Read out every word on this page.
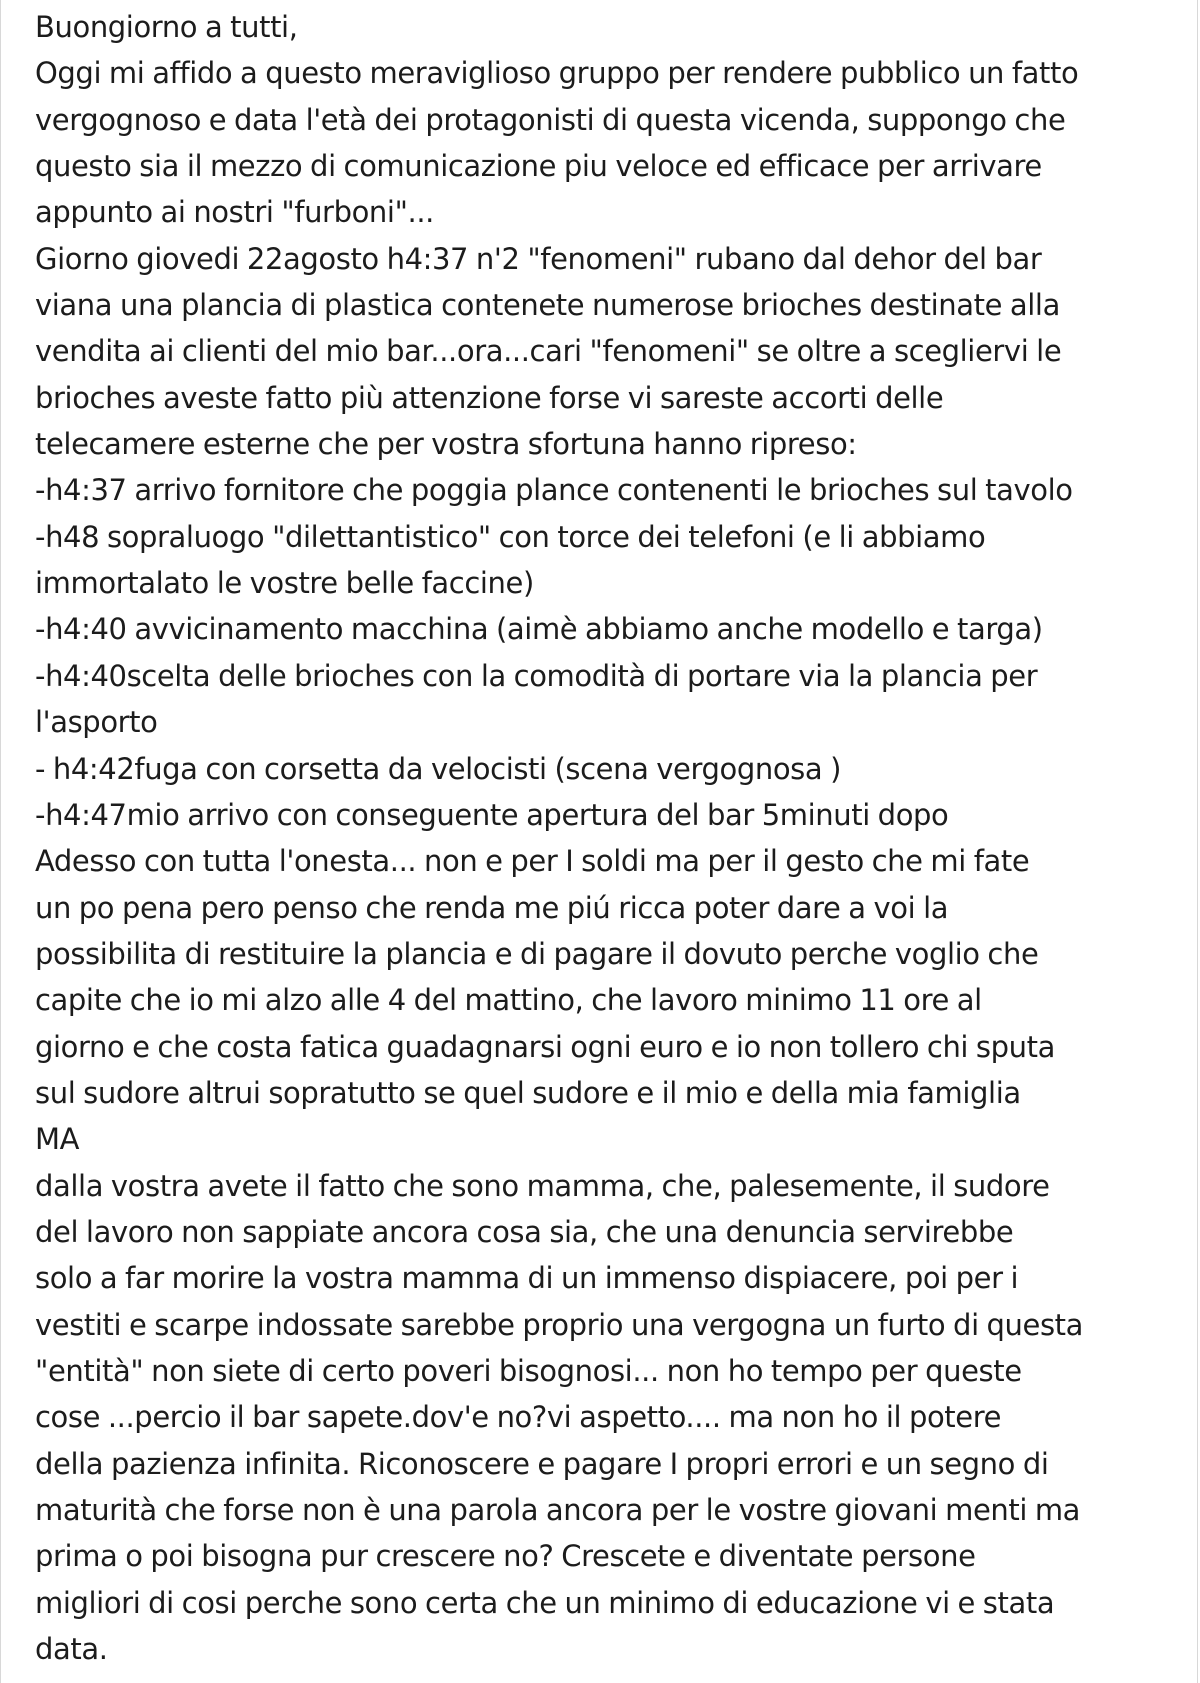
Buongiorno a tutti,
Oggi mi affido a questo meraviglioso gruppo per rendere pubblico un fatto
vergognoso e data l'età dei protagonisti di questa vicenda, suppongo che
questo sia il mezzo di comunicazione piu veloce ed efficace per arrivare
appunto ai nostri "furboni"...
Giorno giovedi 22agosto h4:37 n'2 "fenomeni" rubano dal dehor del bar
viana una plancia di plastica contenete numerose brioches destinate alla
vendita ai clienti del mio bar...ora...cari "fenomeni" se oltre a scegliervi le
brioches aveste fatto più attenzione forse vi sareste accorti delle
telecamere esterne che per vostra sfortuna hanno ripreso:
-h4:37 arrivo fornitore che poggia plance contenenti le brioches sul tavolo
-h48 sopraluogo "dilettantistico" con torce dei telefoni (e li abbiamo
immortalato le vostre belle faccine)
-h4:40 avvicinamento macchina (aimè abbiamo anche modello e targa)
-h4:40scelta delle brioches con la comodità di portare via la plancia per
l'asporto
- h4:42fuga con corsetta da velocisti (scena vergognosa )
-h4:47mio arrivo con conseguente apertura del bar 5minuti dopo
Adesso con tutta l'onesta... non e per I soldi ma per il gesto che mi fate
un po pena pero penso che renda me piú ricca poter dare a voi la
possibilita di restituire la plancia e di pagare il dovuto perche voglio che
capite che io mi alzo alle 4 del mattino, che lavoro minimo 11 ore al
giorno e che costa fatica guadagnarsi ogni euro e io non tollero chi sputa
sul sudore altrui sopratutto se quel sudore e il mio e della mia famiglia
MA
dalla vostra avete il fatto che sono mamma, che, palesemente, il sudore
del lavoro non sappiate ancora cosa sia, che una denuncia servirebbe
solo a far morire la vostra mamma di un immenso dispiacere, poi per i
vestiti e scarpe indossate sarebbe proprio una vergogna un furto di questa
"entità" non siete di certo poveri bisognosi... non ho tempo per queste
cose ...percio il bar sapete.dov'e no?vi aspetto.... ma non ho il potere
della pazienza infinita. Riconoscere e pagare I propri errori e un segno di
maturità che forse non è una parola ancora per le vostre giovani menti ma
prima o poi bisogna pur crescere no? Crescete e diventate persone
migliori di cosi perche sono certa che un minimo di educazione vi e stata
data.
